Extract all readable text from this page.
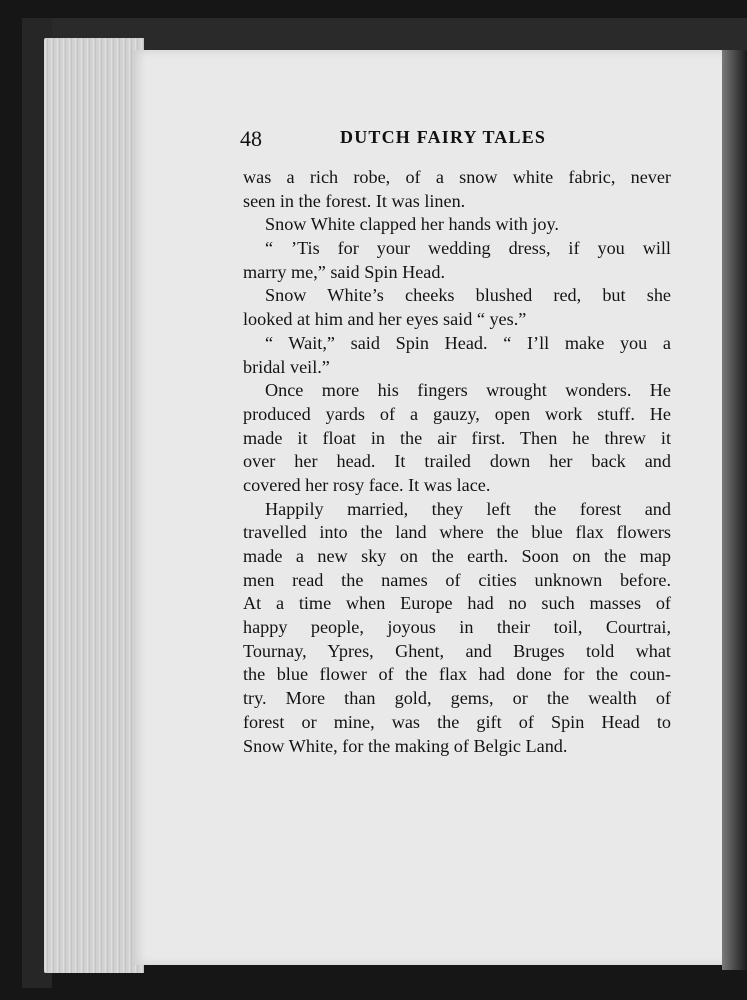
48	DUTCH FAIRY TALES
was a rich robe, of a snow white fabric, never
seen in the forest. It was linen.
Snow White clapped her hands with joy.
“ ’Tis for your wedding dress, if you will
marry me,” said Spin Head.
Snow White’s cheeks blushed red, but she
looked at him and her eyes said “ yes.”
“ Wait,” said Spin Head. “ I’ll make you a
bridal veil.”
Once more his fingers wrought wonders. He
produced yards of a gauzy, open work stuff. He
made it float in the air first. Then he threw it
over her head. It trailed down her back and
covered her rosy face. It was lace.
Happily married, they left the forest and
travelled into the land where the blue flax flowers
made a new sky on the earth. Soon on the map
men read the names of cities unknown before.
At a time when Europe had no such masses of
happy people, joyous in their toil, Courtrai,
Tournay, Ypres, Ghent, and Bruges told what
the blue flower of the flax had done for the coun-
try. More than gold, gems, or the wealth of
forest or mine, was the gift of Spin Head to
Snow White, for the making of Belgic Land.
